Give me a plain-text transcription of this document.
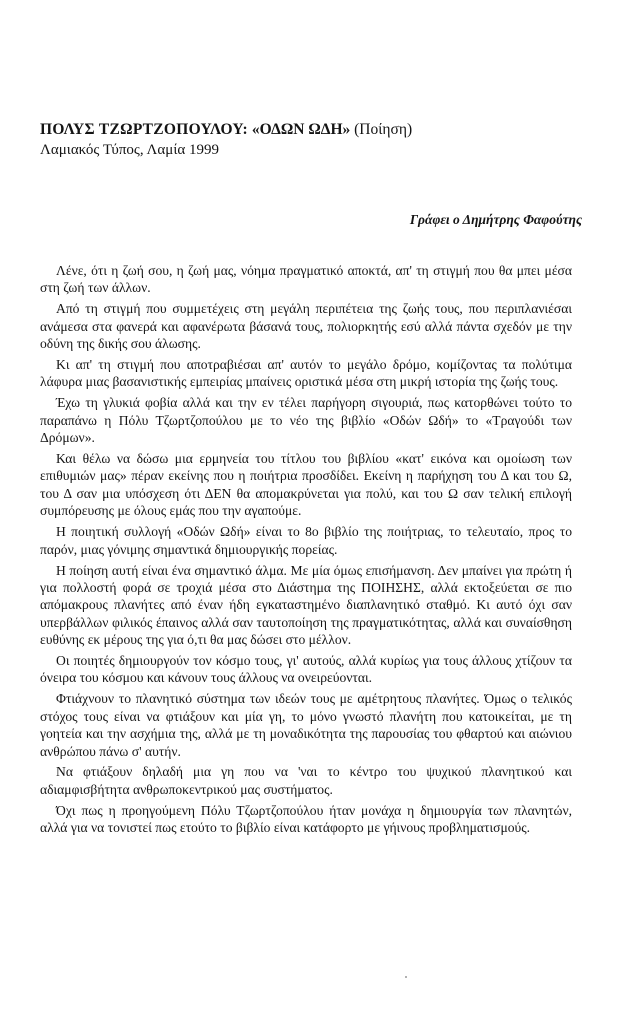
ΠΟΛΥΣ ΤΖΩΡΤΖΟΠΟΥΛΟΥ: «ΟΔΩΝ ΩΔΗ» (Ποίηση)
Λαμιακός Τύπος, Λαμία 1999
Γράφει ο Δημήτρης Φαφούτης

Λένε, ότι η ζωή σου, η ζωή μας, νόημα πραγματικό αποκτά, απ' τη στιγμή που θα μπει μέσα στη ζωή των άλλων.

Από τη στιγμή που συμμετέχεις στη μεγάλη περιπέτεια της ζωής τους, που περιπλανιέσαι ανάμεσα στα φανερά και αφανέρωτα βάσανά τους, πολιορκητής εσύ αλλά πάντα σχεδόν με την οδύνη της δικής σου άλωσης.

Κι απ' τη στιγμή που αποτραβιέσαι απ' αυτόν το μεγάλο δρόμο, κομίζοντας τα πολύτιμα λάφυρα μιας βασανιστικής εμπειρίας μπαίνεις οριστικά μέσα στη μικρή ιστορία της ζωής τους.

Έχω τη γλυκιά φοβία αλλά και την εν τέλει παρήγορη σιγουριά, πως κατορθώνει τούτο το παραπάνω η Πόλυ Τζωρτζοπούλου με το νέο της βιβλίο «Οδών Ωδή» το «Τραγούδι των Δρόμων».

Και θέλω να δώσω μια ερμηνεία του τίτλου του βιβλίου «κατ' εικόνα και ομοίωση των επιθυμιών μας» πέραν εκείνης που η ποιήτρια προσδίδει. Εκείνη η παρήχηση του Δ και του Ω, του Δ σαν μια υπόσχεση ότι ΔΕΝ θα απομακρύνεται για πολύ, και του Ω σαν τελική επιλογή συμπόρευσης με όλους εμάς που την αγαπούμε.

Η ποιητική συλλογή «Οδών Ωδή» είναι το 8ο βιβλίο της ποιήτριας, το τελευταίο, προς το παρόν, μιας γόνιμης σημαντικά δημιουργικής πορείας.

Η ποίηση αυτή είναι ένα σημαντικό άλμα. Με μία όμως επισήμανση. Δεν μπαίνει για πρώτη ή για πολλοστή φορά σε τροχιά μέσα στο Διάστημα της ΠΟΙΗΣΗΣ, αλλά εκτοξεύεται σε πιο απόμακρους πλανήτες από έναν ήδη εγκαταστημένο διαπλανητικό σταθμό. Κι αυτό όχι σαν υπερβάλλων φιλικός έπαινος αλλά σαν ταυτοποίηση της πραγματικότητας, αλλά και συναίσθηση ευθύνης εκ μέρους της για ό,τι θα μας δώσει στο μέλλον.

Οι ποιητές δημιουργούν τον κόσμο τους, γι' αυτούς, αλλά κυρίως για τους άλλους χτίζουν τα όνειρα του κόσμου και κάνουν τους άλλους να ονειρεύονται.

Φτιάχνουν το πλανητικό σύστημα των ιδεών τους με αμέτρητους πλανήτες. Όμως ο τελικός στόχος τους είναι να φτιάξουν και μία γη, το μόνο γνωστό πλανήτη που κατοικείται, με τη γοητεία και την ασχήμια της, αλλά με τη μοναδικότητα της παρουσίας του φθαρτού και αιώνιου ανθρώπου πάνω σ' αυτήν.

Να φτιάξουν δηλαδή μια γη που να 'ναι το κέντρο του ψυχικού πλανητικού και αδιαμφισβήτητα ανθρωποκεντρικού μας συστήματος.

Όχι πως η προηγούμενη Πόλυ Τζωρτζοπούλου ήταν μονάχα η δημιουργία των πλανητών, αλλά για να τονιστεί πως ετούτο το βιβλίο είναι κατάφορτο με γήινους προβληματισμούς.
